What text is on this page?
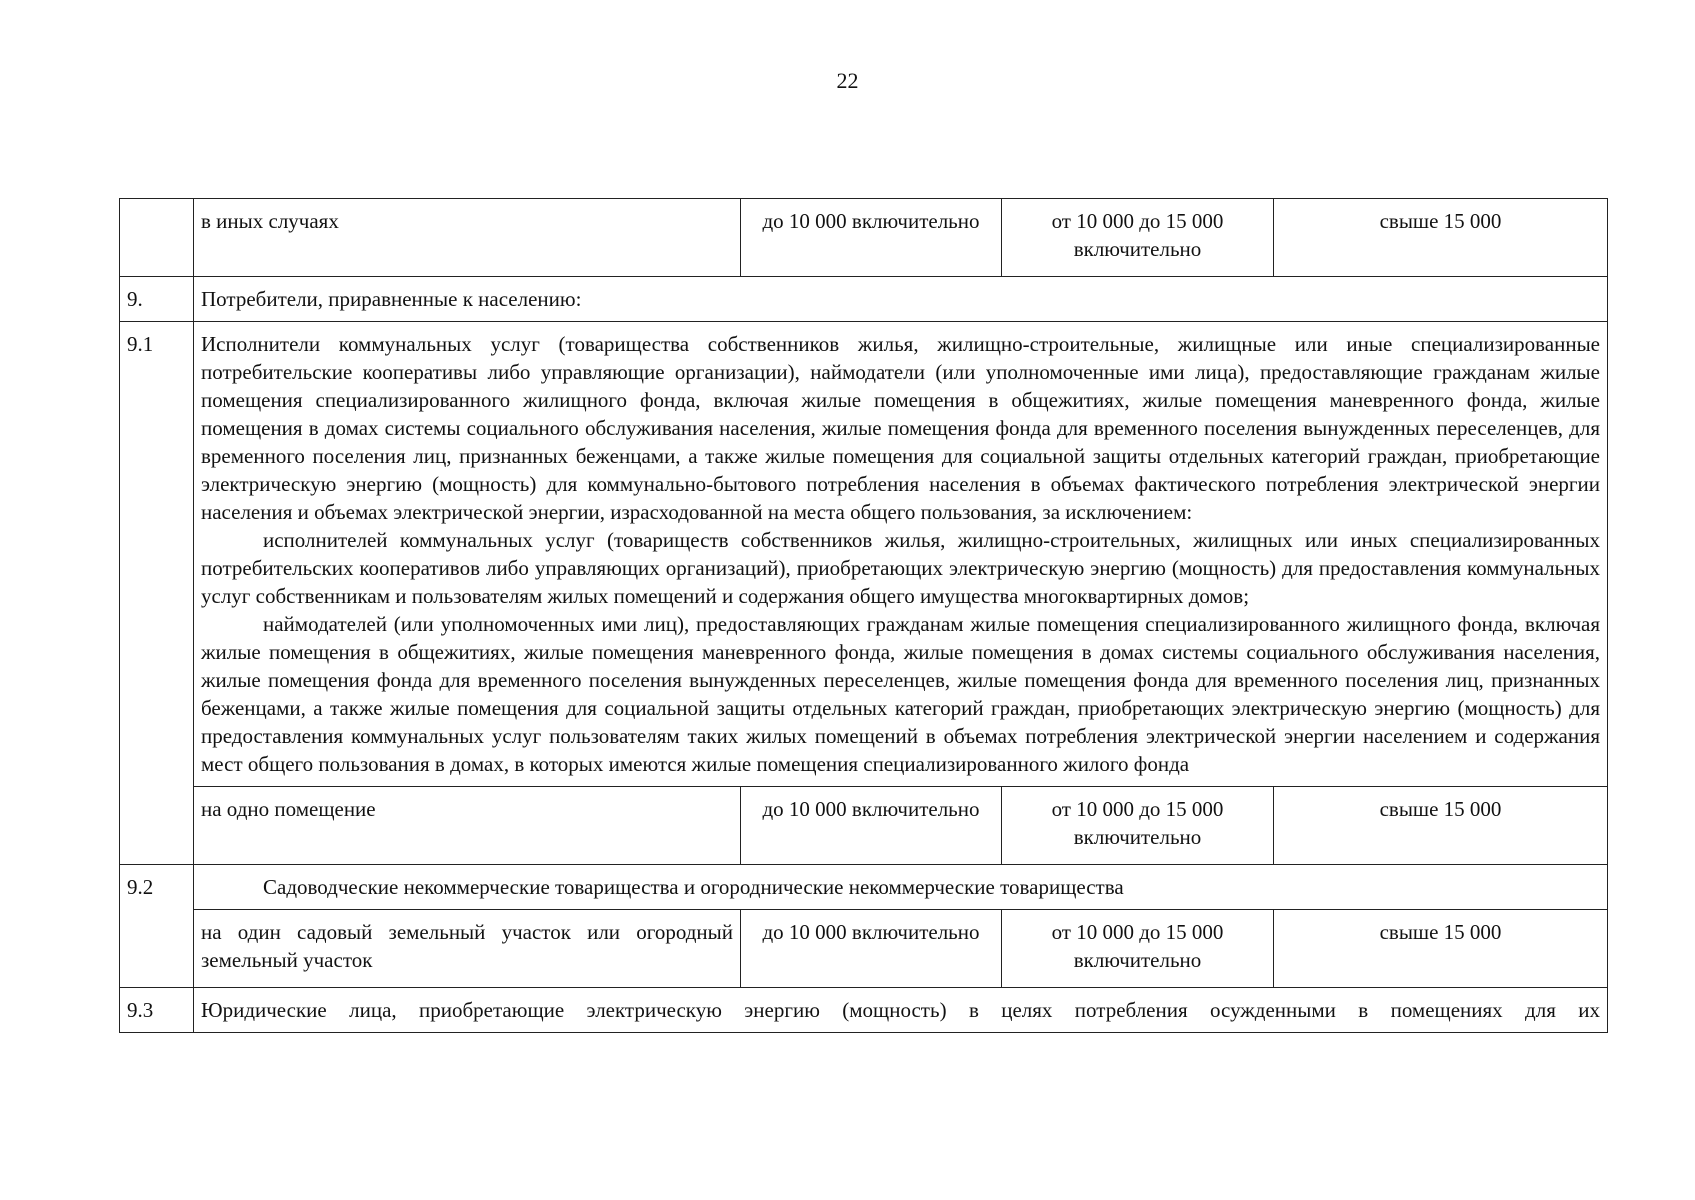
22
	в иных случаях	до 10 000 включительно	от 10 000 до 15 000 включительно	свыше 15 000
9.	Потребители, приравненные к населению:			
9.1	Исполнители коммунальных услуг (товарищества собственников жилья, жилищно-строительные, жилищные или иные специализированные потребительские кооперативы либо управляющие организации), наймодатели (или уполномоченные ими лица), предоставляющие гражданам жилые помещения специализированного жилищного фонда, включая жилые помещения в общежитиях, жилые помещения маневренного фонда, жилые помещения в домах системы социального обслуживания населения, жилые помещения фонда для временного поселения вынужденных переселенцев, для временного поселения лиц, признанных беженцами, а также жилые помещения для социальной защиты отдельных категорий граждан, приобретающие электрическую энергию (мощность) для коммунально-бытового потребления населения в объемах фактического потребления электрической энергии населения и объемах электрической энергии, израсходованной на места общего пользования, за исключением:
исполнителей коммунальных услуг (товариществ собственников жилья, жилищно-строительных, жилищных или иных специализированных потребительских кооперативов либо управляющих организаций), приобретающих электрическую энергию (мощность) для предоставления коммунальных услуг собственникам и пользователям жилых помещений и содержания общего имущества многоквартирных домов;
наймодателей (или уполномоченных ими лиц), предоставляющих гражданам жилые помещения специализированного жилищного фонда, включая жилые помещения в общежитиях, жилые помещения маневренного фонда, жилые помещения в домах системы социального обслуживания населения, жилые помещения фонда для временного поселения вынужденных переселенцев, жилые помещения фонда для временного поселения лиц, признанных беженцами, а также жилые помещения для социальной защиты отдельных категорий граждан, приобретающих электрическую энергию (мощность) для предоставления коммунальных услуг пользователям таких жилых помещений в объемах потребления электрической энергии населением и содержания мест общего пользования в домах, в которых имеются жилые помещения специализированного жилого фонда			

	на одно помещение	до 10 000 включительно	от 10 000 до 15 000 включительно	свыше 15 000
9.2	Садоводческие некоммерческие товарищества и огороднические некоммерческие товарищества			
	на один садовый земельный участок или огородный земельный участок	до 10 000 включительно	от 10 000 до 15 000 включительно	свыше 15 000
9.3	Юридические лица, приобретающие электрическую энергию (мощность) в целях потребления осужденными в помещениях для их			
